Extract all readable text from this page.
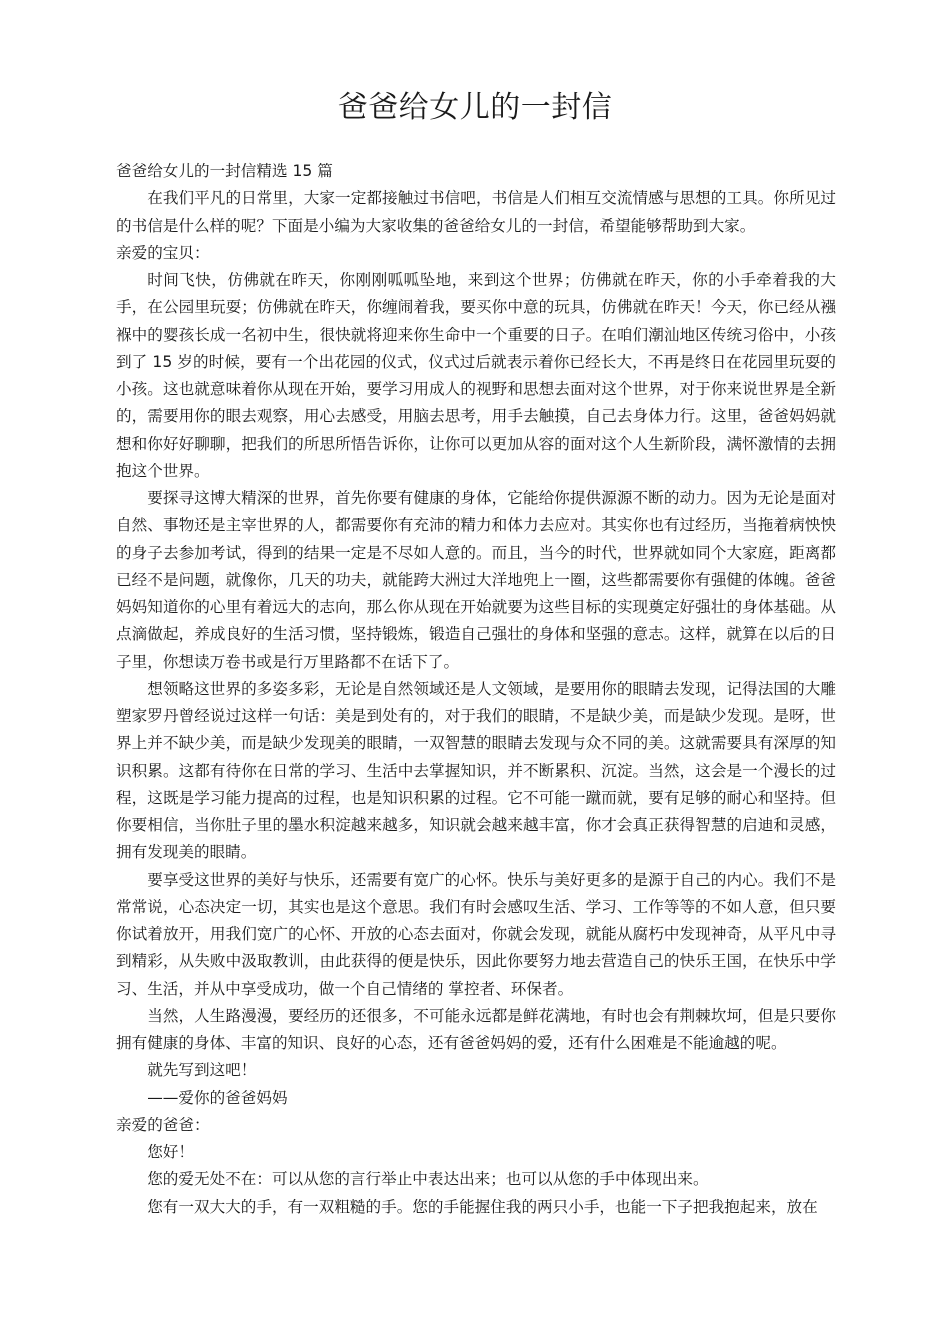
爸爸给女儿的一封信

爸爸给女儿的一封信精选 15 篇

在我们平凡的日常里，大家一定都接触过书信吧，书信是人们相互交流情感与思想的工具。你所见过的书信是什么样的呢？下面是小编为大家收集的爸爸给女儿的一封信，希望能够帮助到大家。

亲爱的宝贝：

时间飞快，仿佛就在昨天，你刚刚呱呱坠地，来到这个世界；仿佛就在昨天，你的小手牵着我的大手，在公园里玩耍；仿佛就在昨天，你缠闹着我，要买你中意的玩具，仿佛就在昨天！今天，你已经从襁褓中的婴孩长成一名初中生，很快就将迎来你生命中一个重要的日子。在咱们潮汕地区传统习俗中，小孩到了 15 岁的时候，要有一个出花园的仪式，仪式过后就表示着你已经长大，不再是终日在花园里玩耍的小孩。这也就意味着你从现在开始，要学习用成人的视野和思想去面对这个世界，对于你来说世界是全新的，需要用你的眼去观察，用心去感受，用脑去思考，用手去触摸，自己去身体力行。这里，爸爸妈妈就想和你好好聊聊，把我们的所思所悟告诉你，让你可以更加从容的面对这个人生新阶段，满怀激情的去拥抱这个世界。

要探寻这博大精深的世界，首先你要有健康的身体，它能给你提供源源不断的动力。因为无论是面对自然、事物还是主宰世界的人，都需要你有充沛的精力和体力去应对。其实你也有过经历，当拖着病怏怏的身子去参加考试，得到的结果一定是不尽如人意的。而且，当今的时代，世界就如同个大家庭，距离都已经不是问题，就像你，几天的功夫，就能跨大洲过大洋地兜上一圈，这些都需要你有强健的体魄。爸爸妈妈知道你的心里有着远大的志向，那么你从现在开始就要为这些目标的实现奠定好强壮的身体基础。从点滴做起，养成良好的生活习惯，坚持锻炼，锻造自己强壮的身体和坚强的意志。这样，就算在以后的日子里，你想读万卷书或是行万里路都不在话下了。

想领略这世界的多姿多彩，无论是自然领域还是人文领域，是要用你的眼睛去发现，记得法国的大雕塑家罗丹曾经说过这样一句话：美是到处有的，对于我们的眼睛，不是缺少美，而是缺少发现。是呀，世界上并不缺少美，而是缺少发现美的眼睛，一双智慧的眼睛去发现与众不同的美。这就需要具有深厚的知识积累。这都有待你在日常的学习、生活中去掌握知识，并不断累积、沉淀。当然，这会是一个漫长的过程，这既是学习能力提高的过程，也是知识积累的过程。它不可能一蹴而就，要有足够的耐心和坚持。但你要相信，当你肚子里的墨水积淀越来越多，知识就会越来越丰富，你才会真正获得智慧的启迪和灵感，拥有发现美的眼睛。

要享受这世界的美好与快乐，还需要有宽广的心怀。快乐与美好更多的是源于自己的内心。我们不是常常说，心态决定一切，其实也是这个意思。我们有时会感叹生活、学习、工作等等的不如人意，但只要你试着放开，用我们宽广的心怀、开放的心态去面对，你就会发现，就能从腐朽中发现神奇，从平凡中寻到精彩，从失败中汲取教训，由此获得的便是快乐，因此你要努力地去营造自己的快乐王国，在快乐中学习、生活，并从中享受成功，做一个自己情绪的 掌控者、环保者。

当然，人生路漫漫，要经历的还很多，不可能永远都是鲜花满地，有时也会有荆棘坎坷，但是只要你拥有健康的身体、丰富的知识、良好的心态，还有爸爸妈妈的爱，还有什么困难是不能逾越的呢。

就先写到这吧！

——爱你的爸爸妈妈

亲爱的爸爸：

您好！

您的爱无处不在：可以从您的言行举止中表达出来；也可以从您的手中体现出来。

您有一双大大的手，有一双粗糙的手。您的手能握住我的两只小手，也能一下子把我抱起来，放在
